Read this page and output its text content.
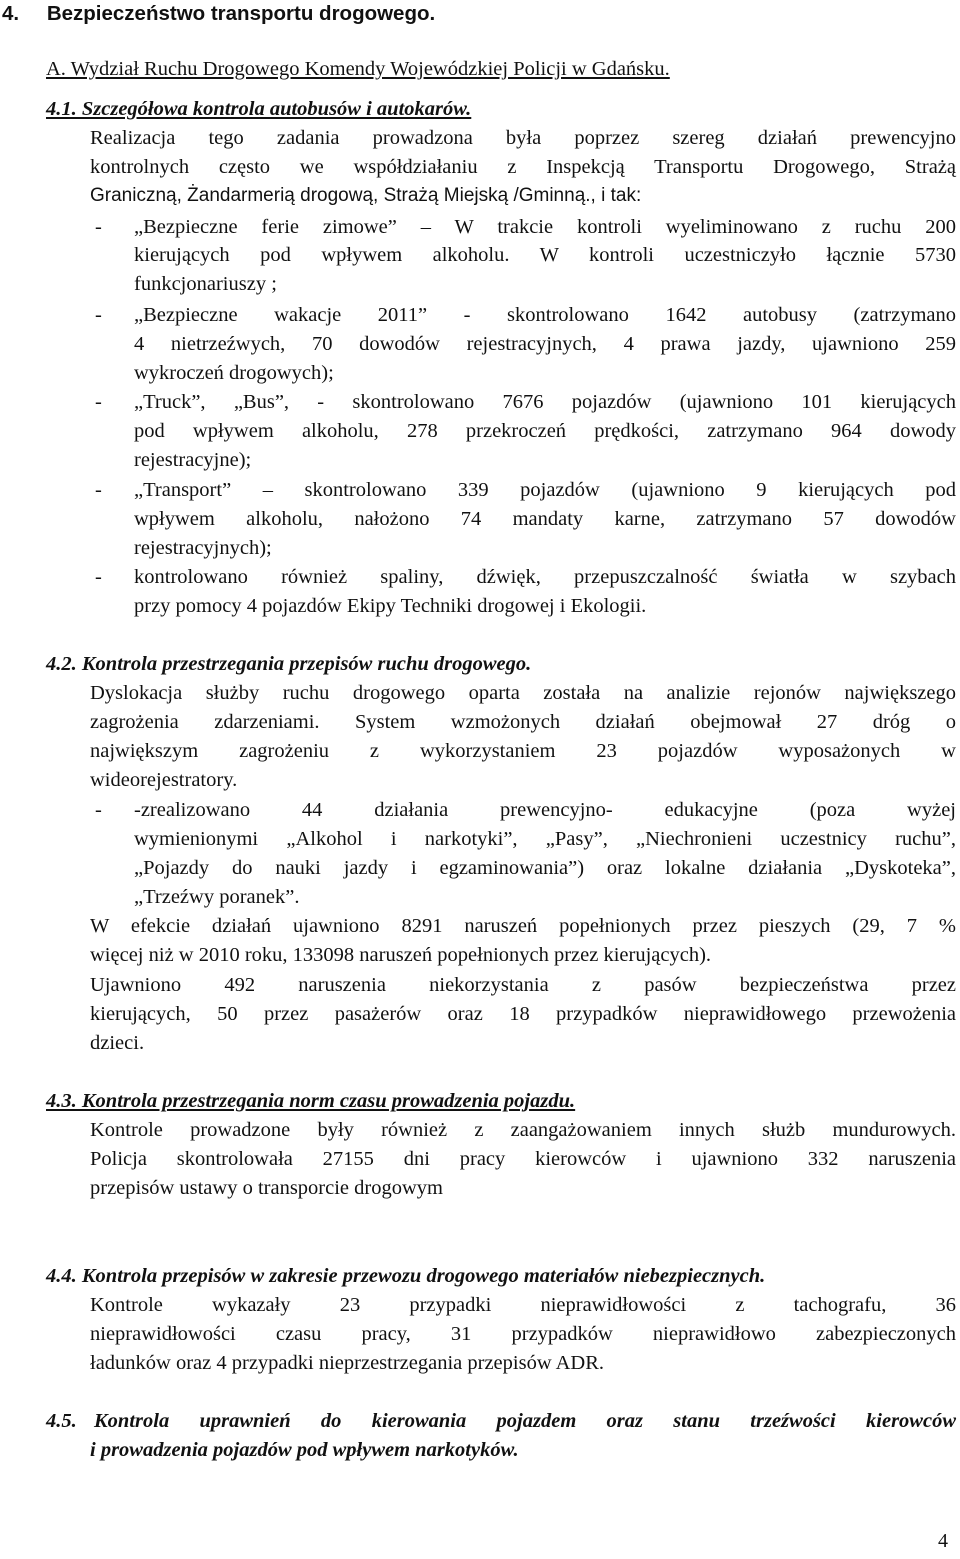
4. Bezpieczeństwo transportu drogowego.
A. Wydział Ruchu Drogowego Komendy Wojewódzkiej Policji w Gdańsku.
4.1. Szczegółowa kontrola autobusów i autokarów.
Realizacja tego zadania prowadzona była poprzez szereg działań prewencyjno
kontrolnych często we współdziałaniu z Inspekcją Transportu Drogowego, Strażą
Graniczną, Żandarmerią drogową, Strażą Miejską /Gminną., i tak:
- „Bezpieczne ferie zimowe” – W trakcie kontroli wyeliminowano z ruchu 200
kierujących pod wpływem alkoholu. W kontroli uczestniczyło łącznie 5730
funkcjonariuszy ;
- „Bezpieczne wakacje 2011” - skontrolowano 1642 autobusy (zatrzymano
4 nietrzeźwych, 70 dowodów rejestracyjnych, 4 prawa jazdy, ujawniono 259
wykroczeń drogowych);
- „Truck”, „Bus”, - skontrolowano 7676 pojazdów (ujawniono 101 kierujących
pod wpływem alkoholu, 278 przekroczeń prędkości, zatrzymano 964 dowody
rejestracyjne);
- „Transport” – skontrolowano 339 pojazdów (ujawniono 9 kierujących pod
wpływem alkoholu, nałożono 74 mandaty karne, zatrzymano 57 dowodów
rejestracyjnych);
- kontrolowano również spaliny, dźwięk, przepuszczalność światła w szybach
przy pomocy 4 pojazdów Ekipy Techniki drogowej i Ekologii.
4.2. Kontrola przestrzegania przepisów ruchu drogowego.
Dyslokacja służby ruchu drogowego oparta została na analizie rejonów największego
zagrożenia zdarzeniami. System wzmożonych działań obejmował 27 dróg o
największym zagrożeniu z wykorzystaniem 23 pojazdów wyposażonych w
wideorejestratory.
- -zrealizowano 44 działania prewencyjno- edukacyjne (poza wyżej
wymienionymi „Alkohol i narkotyki”, „Pasy”, „Niechronieni uczestnicy ruchu”,
„Pojazdy do nauki jazdy i egzaminowania”) oraz lokalne działania „Dyskoteka”,
„Trzeźwy poranek”.
W efekcie działań ujawniono 8291 naruszeń popełnionych przez pieszych (29, 7 %
więcej niż w 2010 roku, 133098 naruszeń popełnionych przez kierujących).
Ujawniono 492 naruszenia niekorzystania z pasów bezpieczeństwa przez
kierujących, 50 przez pasażerów oraz 18 przypadków nieprawidłowego przewożenia
dzieci.
4.3. Kontrola przestrzegania norm czasu prowadzenia pojazdu.
Kontrole prowadzone były również z zaangażowaniem innych służb mundurowych.
Policja skontrolowała 27155 dni pracy kierowców i ujawniono 332 naruszenia
przepisów ustawy o transporcie drogowym
4.4. Kontrola przepisów w zakresie przewozu drogowego materiałów niebezpiecznych.
Kontrole wykazały 23 przypadki nieprawidłowości z tachografu, 36
nieprawidłowości czasu pracy, 31 przypadków nieprawidłowo zabezpieczonych
ładunków oraz 4 przypadki nieprzestrzegania przepisów ADR.
4.5. Kontrola uprawnień do kierowania pojazdem oraz stanu trzeźwości kierowców
i prowadzenia pojazdów pod wpływem narkotyków.
4
